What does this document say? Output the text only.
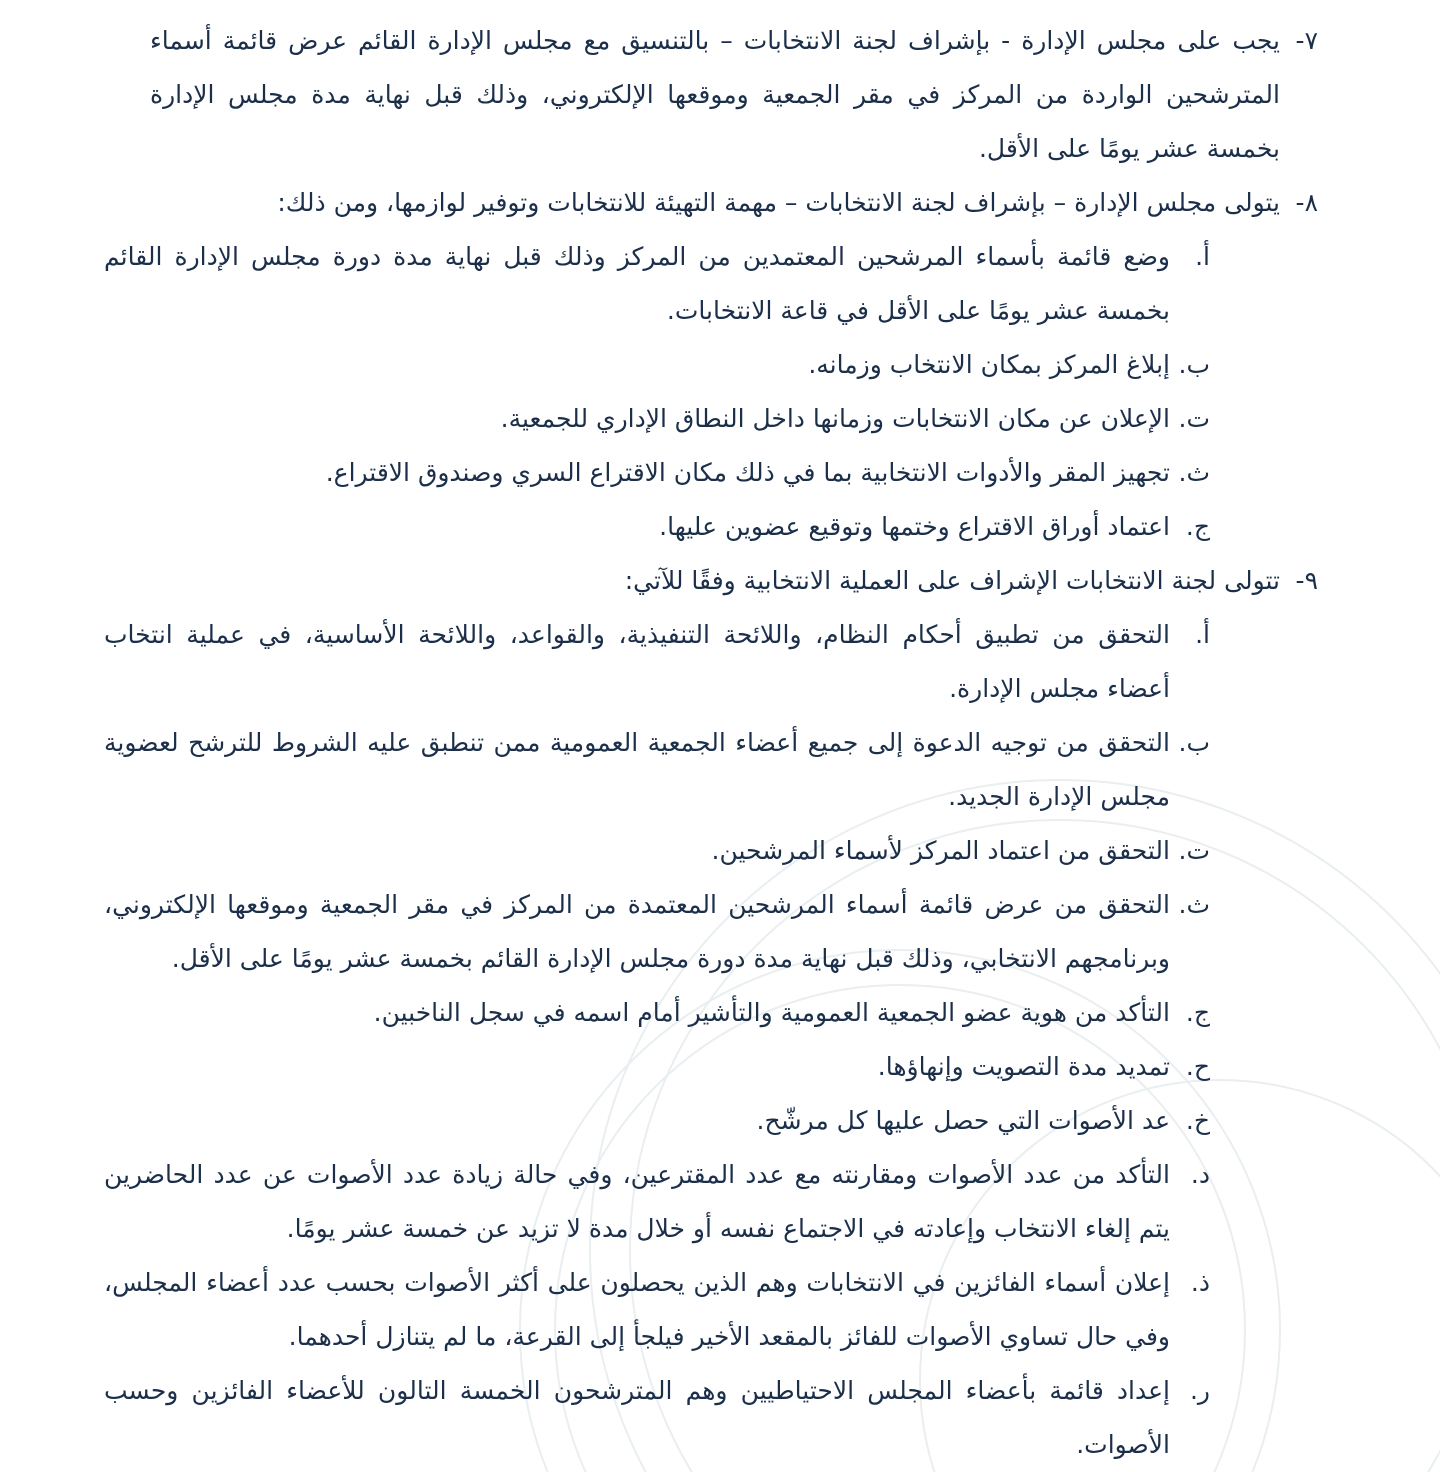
٧-
يجب على مجلس الإدارة - بإشراف لجنة الانتخابات – بالتنسيق مع مجلس الإدارة القائم عرض قائمة أسماء المترشحين الواردة من المركز في مقر الجمعية وموقعها الإلكتروني، وذلك قبل نهاية مدة مجلس الإدارة بخمسة عشر يومًا على الأقل.
٨-
يتولى مجلس الإدارة – بإشراف لجنة الانتخابات – مهمة التهيئة للانتخابات وتوفير لوازمها، ومن ذلك:
أ.
وضع قائمة بأسماء المرشحين المعتمدين من المركز وذلك قبل نهاية مدة دورة مجلس الإدارة القائم بخمسة عشر يومًا على الأقل في قاعة الانتخابات.
ب.
إبلاغ المركز بمكان الانتخاب وزمانه.
ت.
الإعلان عن مكان الانتخابات وزمانها داخل النطاق الإداري للجمعية.
ث.
تجهيز المقر والأدوات الانتخابية بما في ذلك مكان الاقتراع السري وصندوق الاقتراع.
ج.
اعتماد أوراق الاقتراع وختمها وتوقيع عضوين عليها.
٩-
تتولى لجنة الانتخابات الإشراف على العملية الانتخابية وفقًا للآتي:
أ.
التحقق من تطبيق أحكام النظام، واللائحة التنفيذية، والقواعد، واللائحة الأساسية، في عملية انتخاب أعضاء مجلس الإدارة.
ب.
التحقق من توجيه الدعوة إلى جميع أعضاء الجمعية العمومية ممن تنطبق عليه الشروط للترشح لعضوية مجلس الإدارة الجديد.
ت.
التحقق من اعتماد المركز لأسماء المرشحين.
ث.
التحقق من عرض قائمة أسماء المرشحين المعتمدة من المركز في مقر الجمعية وموقعها الإلكتروني، وبرنامجهم الانتخابي، وذلك قبل نهاية مدة دورة مجلس الإدارة القائم بخمسة عشر يومًا على الأقل.
ج.
التأكد من هوية عضو الجمعية العمومية والتأشير أمام اسمه في سجل الناخبين.
ح.
تمديد مدة التصويت وإنهاؤها.
خ.
عد الأصوات التي حصل عليها كل مرشّح.
د.
التأكد من عدد الأصوات ومقارنته مع عدد المقترعين، وفي حالة زيادة عدد الأصوات عن عدد الحاضرين يتم إلغاء الانتخاب وإعادته في الاجتماع نفسه أو خلال مدة لا تزيد عن خمسة عشر يومًا.
ذ.
إعلان أسماء الفائزين في الانتخابات وهم الذين يحصلون على أكثر الأصوات بحسب عدد أعضاء المجلس، وفي حال تساوي الأصوات للفائز بالمقعد الأخير فيلجأ إلى القرعة، ما لم يتنازل أحدهما.
ر.
إعداد قائمة بأعضاء المجلس الاحتياطيين وهم المترشحون الخمسة التالون للأعضاء الفائزين وحسب الأصوات.
